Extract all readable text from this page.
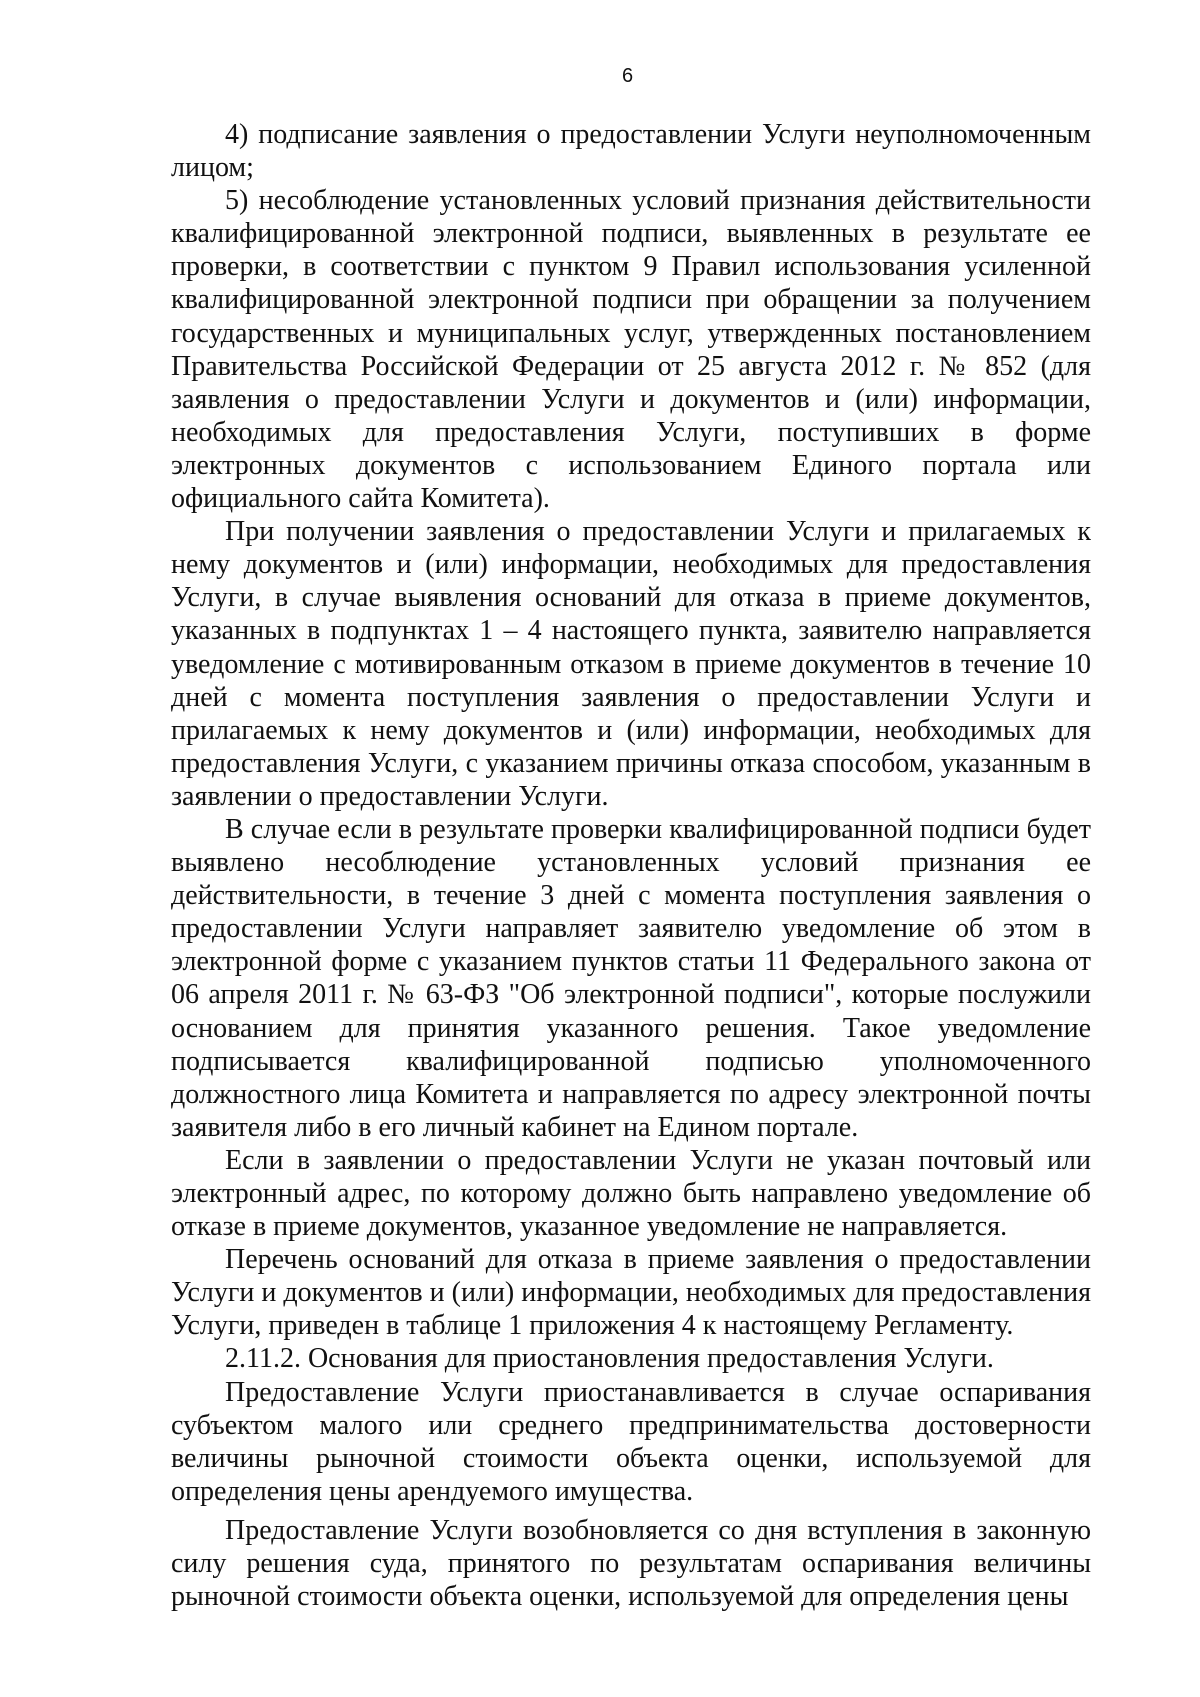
6

4) подписание заявления о предоставлении Услуги неуполномоченным лицом;

5) несоблюдение установленных условий признания действительности квалифицированной электронной подписи, выявленных в результате ее проверки, в соответствии с пунктом 9 Правил использования усиленной квалифицированной электронной подписи при обращении за получением государственных и муниципальных услуг, утвержденных постановлением Правительства Российской Федерации от 25 августа 2012 г. № 852 (для заявления о предоставлении Услуги и документов и (или) информации, необходимых для предоставления Услуги, поступивших в форме электронных документов с использованием Единого портала или официального сайта Комитета).

При получении заявления о предоставлении Услуги и прилагаемых к нему документов и (или) информации, необходимых для предоставления Услуги, в случае выявления оснований для отказа в приеме документов, указанных в подпунктах 1 – 4 настоящего пункта, заявителю направляется уведомление с мотивированным отказом в приеме документов в течение 10 дней с момента поступления заявления о предоставлении Услуги и прилагаемых к нему документов и (или) информации, необходимых для предоставления Услуги, с указанием причины отказа способом, указанным в заявлении о предоставлении Услуги.

В случае если в результате проверки квалифицированной подписи будет выявлено несоблюдение установленных условий признания ее действительности, в течение 3 дней с момента поступления заявления о предоставлении Услуги направляет заявителю уведомление об этом в электронной форме с указанием пунктов статьи 11 Федерального закона от 06 апреля 2011 г. № 63-ФЗ "Об электронной подписи", которые послужили основанием для принятия указанного решения. Такое уведомление подписывается квалифицированной подписью уполномоченного должностного лица Комитета и направляется по адресу электронной почты заявителя либо в его личный кабинет на Едином портале.

Если в заявлении о предоставлении Услуги не указан почтовый или электронный адрес, по которому должно быть направлено уведомление об отказе в приеме документов, указанное уведомление не направляется.

Перечень оснований для отказа в приеме заявления о предоставлении Услуги и документов и (или) информации, необходимых для предоставления Услуги, приведен в таблице 1 приложения 4 к настоящему Регламенту.

2.11.2. Основания для приостановления предоставления Услуги.

Предоставление Услуги приостанавливается в случае оспаривания субъектом малого или среднего предпринимательства достоверности величины рыночной стоимости объекта оценки, используемой для определения цены арендуемого имущества.

Предоставление Услуги возобновляется со дня вступления в законную силу решения суда, принятого по результатам оспаривания величины рыночной стоимости объекта оценки, используемой для определения цены
